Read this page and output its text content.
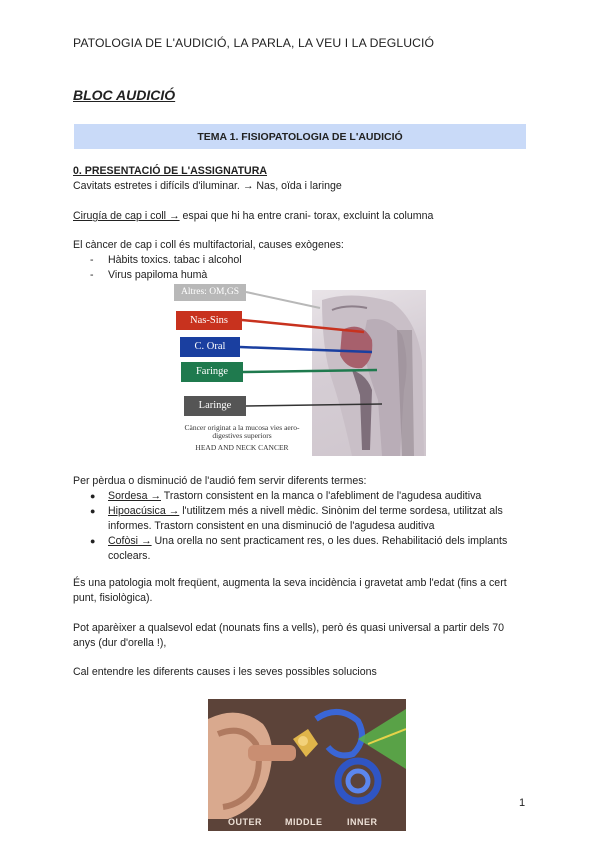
PATOLOGIA DE L'AUDICIÓ, LA PARLA, LA VEU I LA DEGLUCIÓ
BLOC AUDICIÓ
TEMA 1. FISIOPATOLOGIA DE L'AUDICIÓ
0. PRESENTACIÓ DE L'ASSIGNATURA
Cavitats estretes i difícils d'iluminar. → Nas, oïda i laringe
Cirugía de cap i coll → espai que hi ha entre crani- torax, excluint la columna
El càncer de cap i coll és multifactorial, causes exògenes:
-	Hàbits toxics. tabac i alcohol
-	Virus papiloma humà
Altres: OM,GS
Nas-Sins
C. Oral
Faringe
Laringe
Càncer originat a la mucosa vies aero-digestives superiors
HEAD AND NECK CANCER
Per pèrdua o disminució de l'audió fem servir diferents termes:
●	Sordesa → Trastorn consistent en la manca o l'afebliment de l'agudesa auditiva
●	Hipoacúsica → l'utilitzem més a nivell mèdic. Sinònim del terme sordesa, utilitzat als informes. Trastorn consistent en una disminució de l'agudesa auditiva
●	Cofòsi → Una orella no sent practicament res, o les dues. Rehabilitació dels implants coclears.
És una patologia molt freqüent, augmenta la seva incidència i gravetat amb l'edat (fins a cert punt, fisiològica).
Pot aparèixer a qualsevol edat (nounats fins a vells), però és quasi universal a partir dels 70 anys (dur d'orella !),
Cal entendre les diferents causes i les seves possibles solucions
OUTER	MIDDLE	INNER
1
